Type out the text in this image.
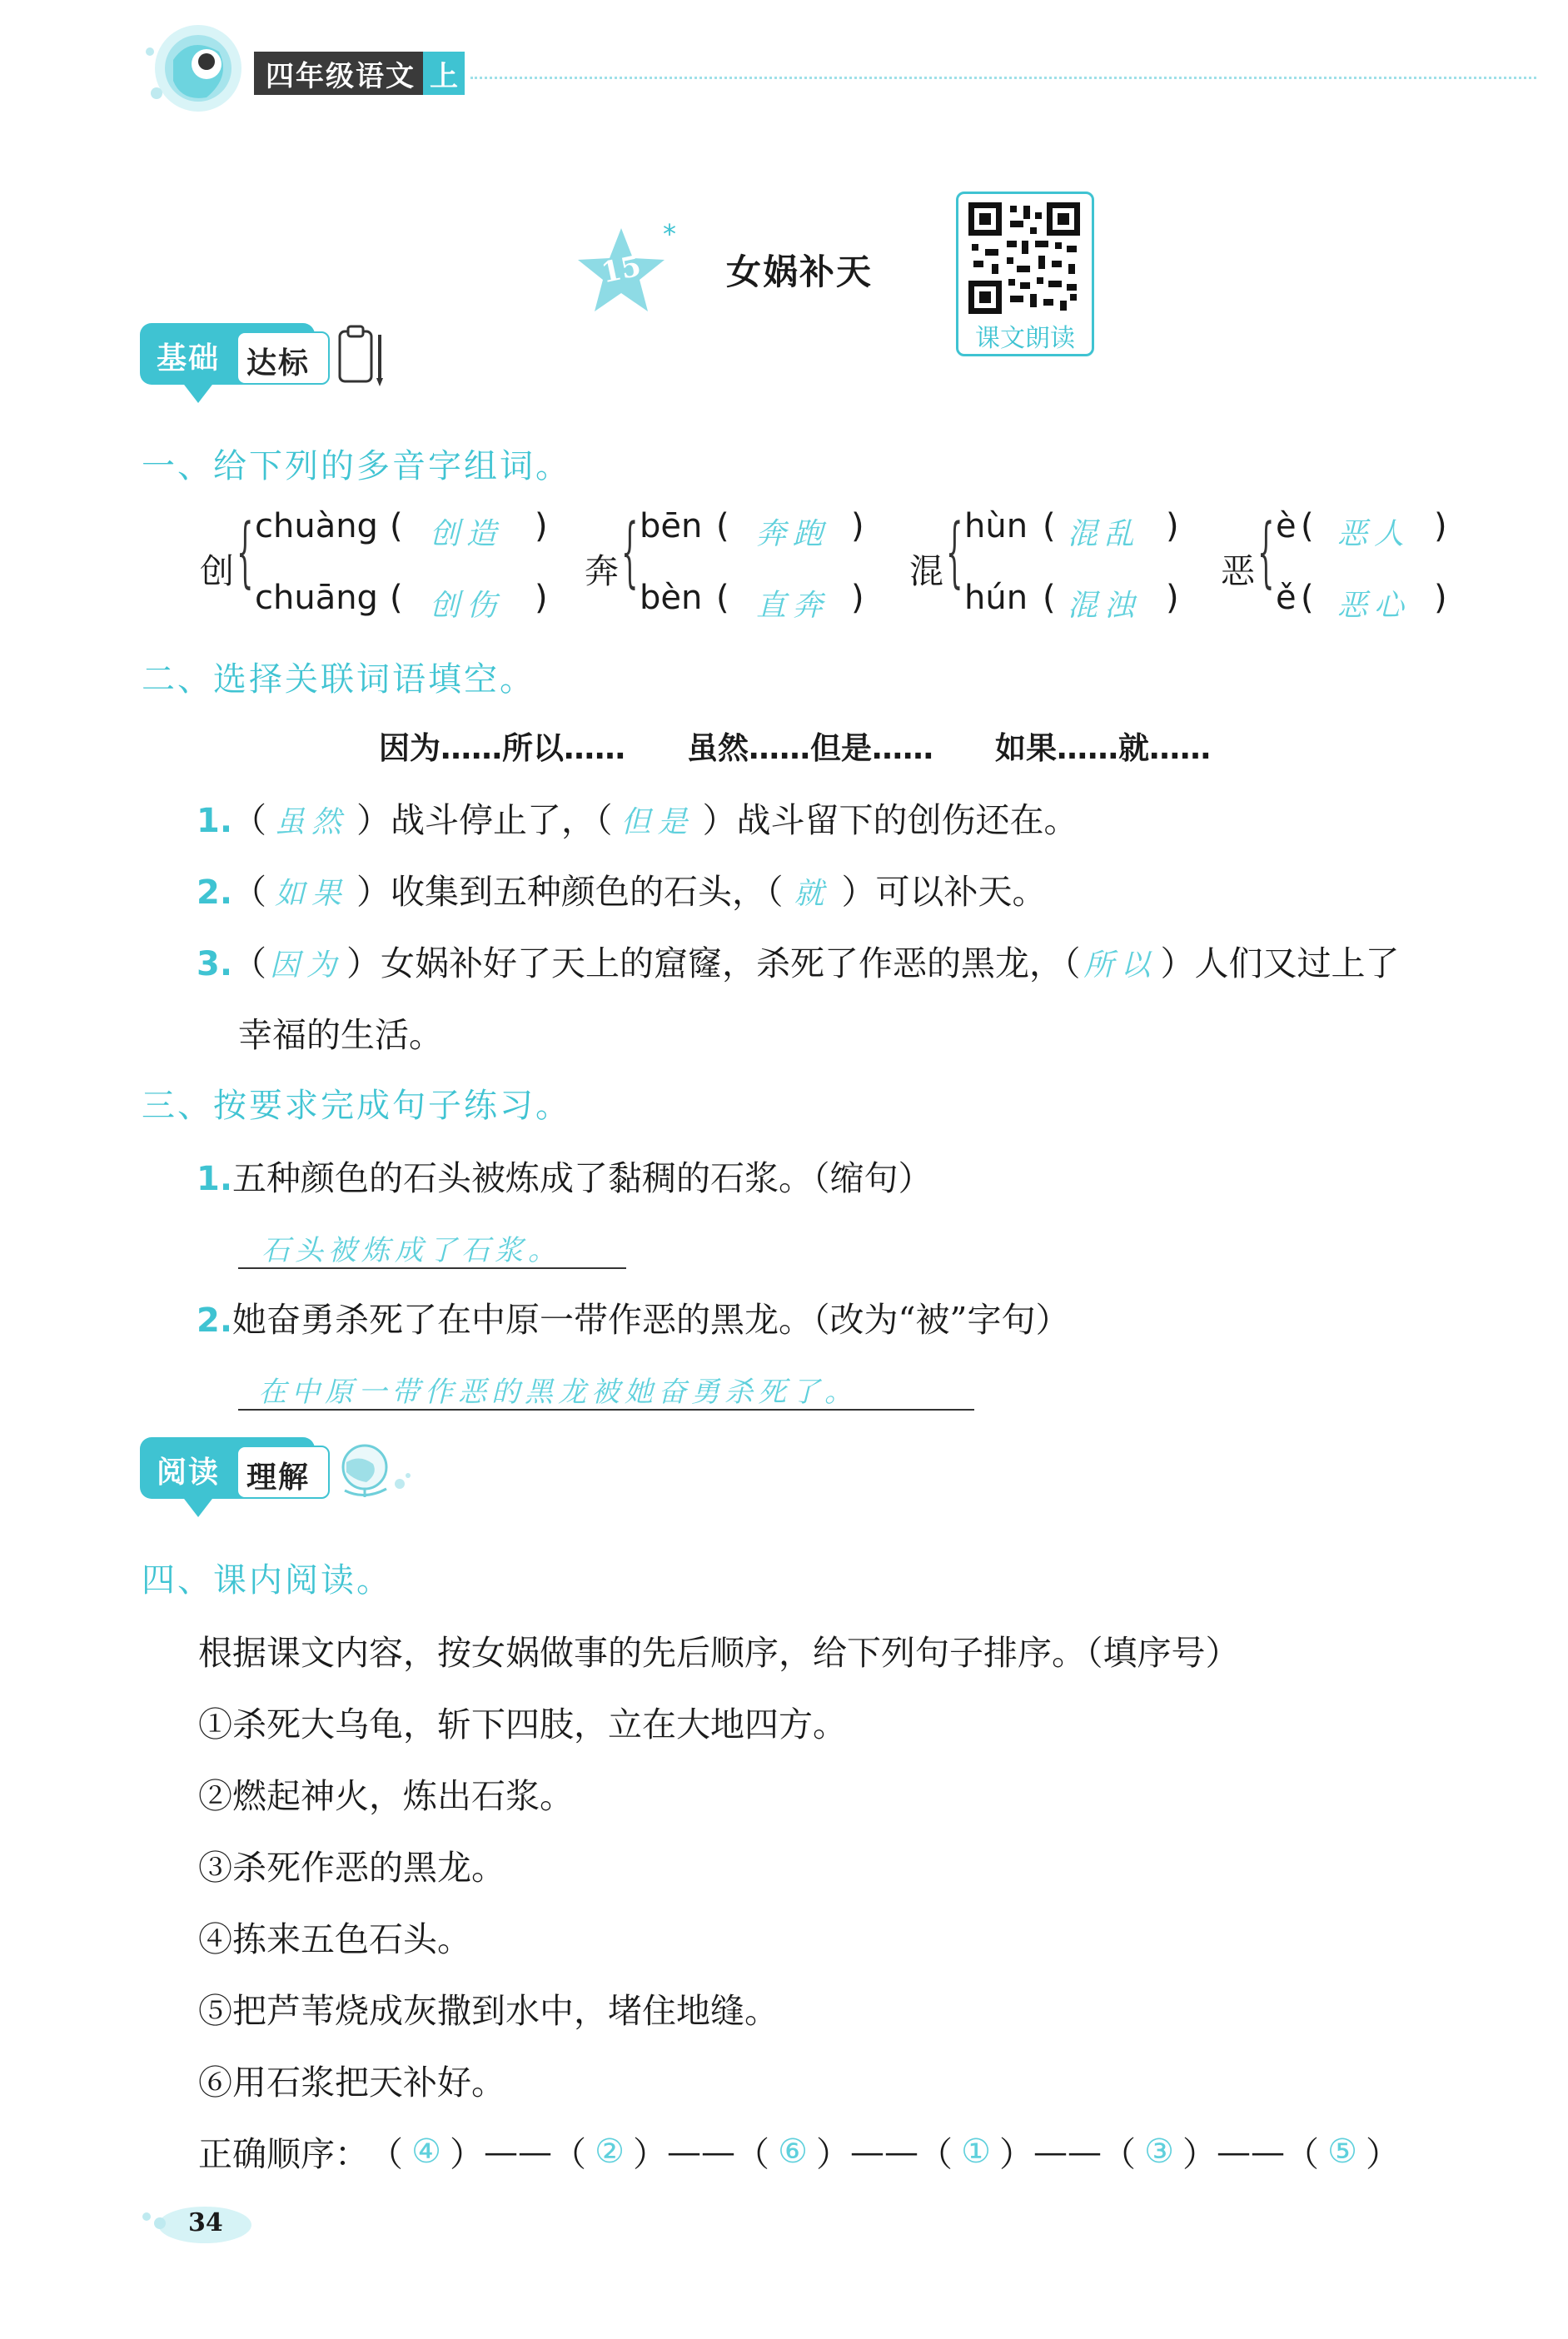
四年级语文 上
15
*
女娲补天
课文朗读
基础 达标
一、给下列的多音字组词。
创 { chuàng ( 创造 )
chuāng ( 创伤 )
奔 { bēn ( 奔跑 )
bèn ( 直奔 )
混 { hùn ( 混乱 )
hún ( 混浊 )
恶 { è ( 恶人 )
ě ( 恶心 )
二、选择关联词语填空。
因为……所以……　　虽然……但是……　　如果……就……
1.（ 虽然 ）战斗停止了，（ 但是 ）战斗留下的创伤还在。
2.（ 如果 ）收集到五种颜色的石头，（ 就 ）可以补天。
3.（ 因为）女娲补好了天上的窟窿，杀死了作恶的黑龙，（ 所以）人们又过上了
幸福的生活。
三、按要求完成句子练习。
1.五种颜色的石头被炼成了黏稠的石浆。（缩句）
石头被炼成了石浆。
2.她奋勇杀死了在中原一带作恶的黑龙。（改为“被”字句）
在中原一带作恶的黑龙被她奋勇杀死了。
阅读 理解
四、课内阅读。
根据课文内容，按女娲做事的先后顺序，给下列句子排序。（填序号）
①杀死大乌龟，斩下四肢，立在大地四方。
②燃起神火，炼出石浆。
③杀死作恶的黑龙。
④拣来五色石头。
⑤把芦苇烧成灰撒到水中，堵住地缝。
⑥用石浆把天补好。
正确顺序： （ ④ ） —— （ ② ） —— （ ⑥ ） —— （ ① ） —— （ ③ ） —— （ ⑤ ）
34
